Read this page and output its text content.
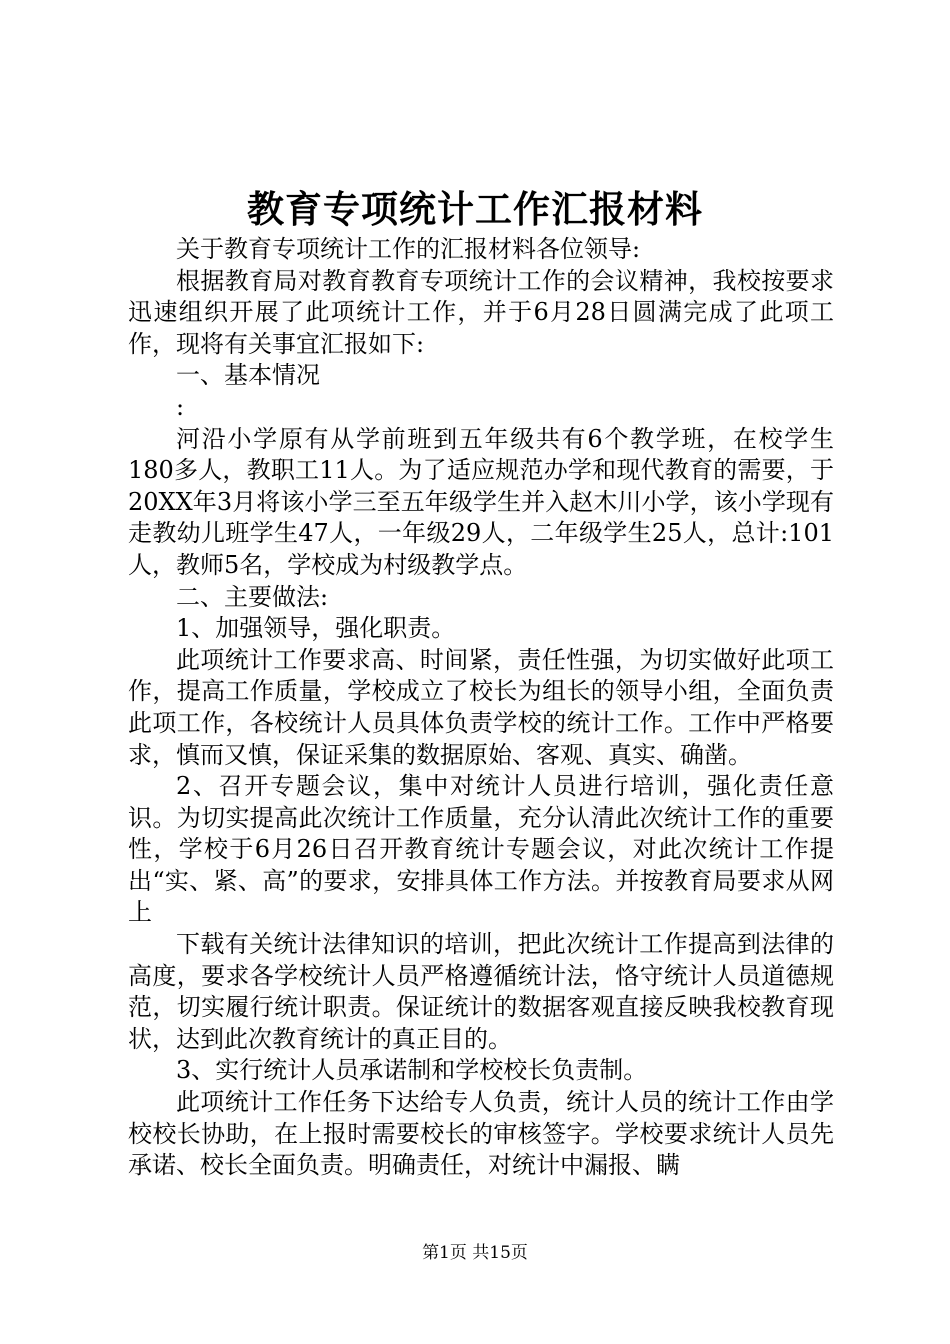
教育专项统计工作汇报材料

关于教育专项统计工作的汇报材料各位领导:

根据教育局对教育教育专项统计工作的会议精神，我校按要求迅速组织开展了此项统计工作，并于6月28日圆满完成了此项工作，现将有关事宜汇报如下:

一、基本情况

:

河沿小学原有从学前班到五年级共有6个教学班，在校学生180多人，教职工11人。为了适应规范办学和现代教育的需要，于20XX年3月将该小学三至五年级学生并入赵木川小学，该小学现有走教幼儿班学生47人，一年级29人，二年级学生25人，总计:101人，教师5名，学校成为村级教学点。

二、主要做法:

1、加强领导，强化职责。

此项统计工作要求高、时间紧，责任性强，为切实做好此项工作，提高工作质量，学校成立了校长为组长的领导小组，全面负责此项工作，各校统计人员具体负责学校的统计工作。工作中严格要求，慎而又慎，保证采集的数据原始、客观、真实、确凿。

2、召开专题会议，集中对统计人员进行培训，强化责任意识。为切实提高此次统计工作质量，充分认清此次统计工作的重要性，学校于6月26日召开教育统计专题会议，对此次统计工作提出“实、紧、高”的要求，安排具体工作方法。并按教育局要求从网上

下载有关统计法律知识的培训，把此次统计工作提高到法律的高度，要求各学校统计人员严格遵循统计法，恪守统计人员道德规范，切实履行统计职责。保证统计的数据客观直接反映我校教育现状，达到此次教育统计的真正目的。

3、实行统计人员承诺制和学校校长负责制。

此项统计工作任务下达给专人负责，统计人员的统计工作由学校校长协助，在上报时需要校长的审核签字。学校要求统计人员先承诺、校长全面负责。明确责任，对统计中漏报、瞒

第1页 共15页
